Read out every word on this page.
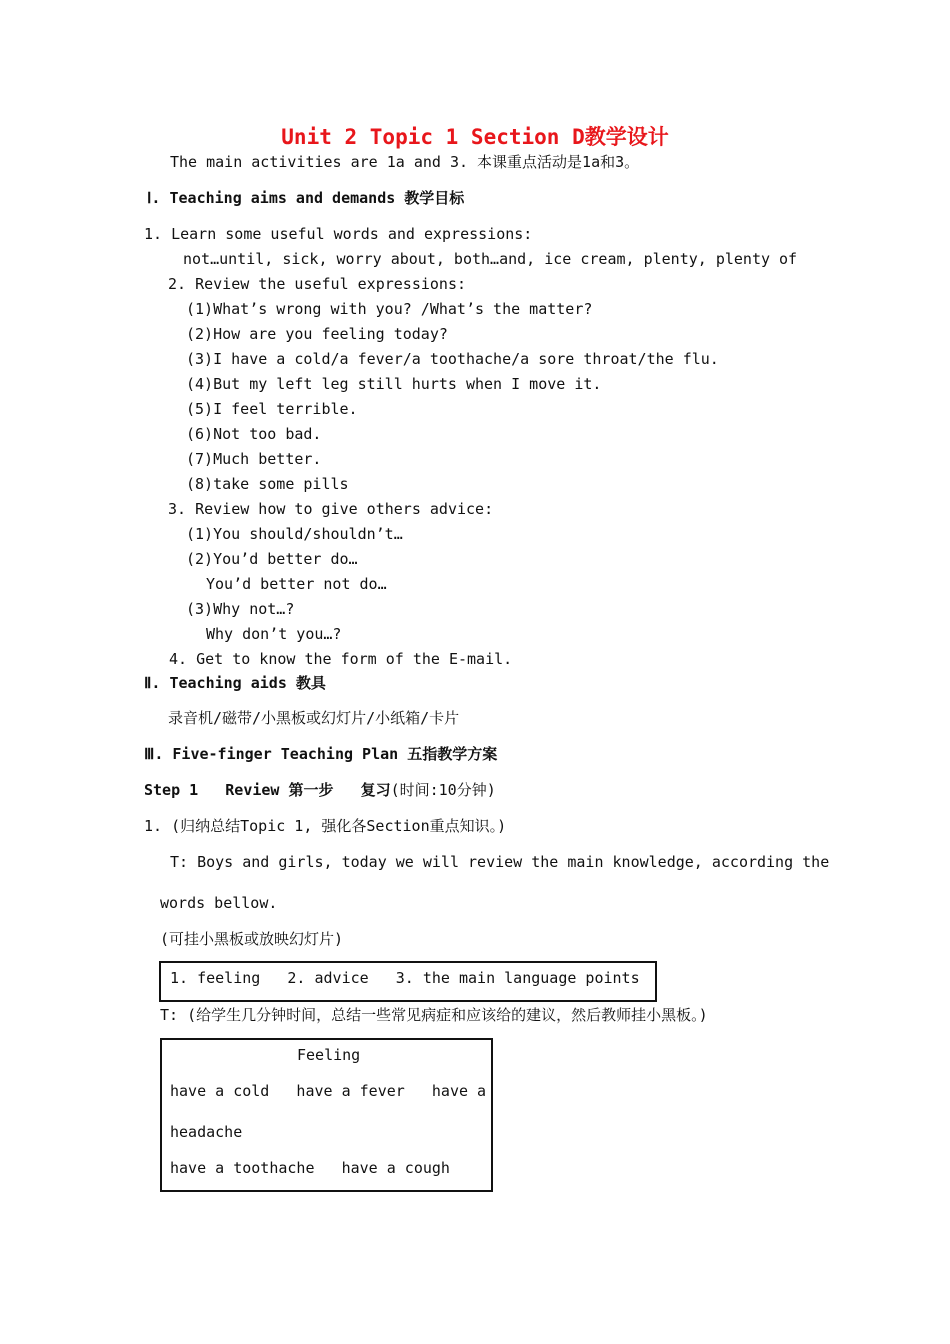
Unit 2 Topic 1 Section D教学设计
The main activities are 1a and 3. 本课重点活动是1a和3。
Ⅰ. Teaching aims and demands 教学目标
1. Learn some useful words and expressions:
not…until, sick, worry about, both…and, ice cream, plenty, plenty of
2. Review the useful expressions:
(1)What’s wrong with you? /What’s the matter?
(2)How are you feeling today?
(3)I have a cold/a fever/a toothache/a sore throat/the flu.
(4)But my left leg still hurts when I move it.
(5)I feel terrible.
(6)Not too bad.
(7)Much better.
(8)take some pills
3. Review how to give others advice:
(1)You should/shouldn’t…
(2)You’d better do…
You’d better not do…
(3)Why not…?
Why don’t you…?
4. Get to know the form of the E-mail.
Ⅱ. Teaching aids 教具
录音机/磁带/小黑板或幻灯片/小纸箱/卡片
Ⅲ. Five-finger Teaching Plan 五指教学方案
Step 1   Review 第一步   复习(时间:10分钟)
1. (归纳总结Topic 1, 强化各Section重点知识。)
T: Boys and girls, today we will review the main knowledge, according the
words bellow.
(可挂小黑板或放映幻灯片)
1. feeling   2. advice   3. the main language points
T: (给学生几分钟时间，总结一些常见病症和应该给的建议，然后教师挂小黑板。)
Feeling
have a cold   have a fever   have a
headache
have a toothache   have a cough
